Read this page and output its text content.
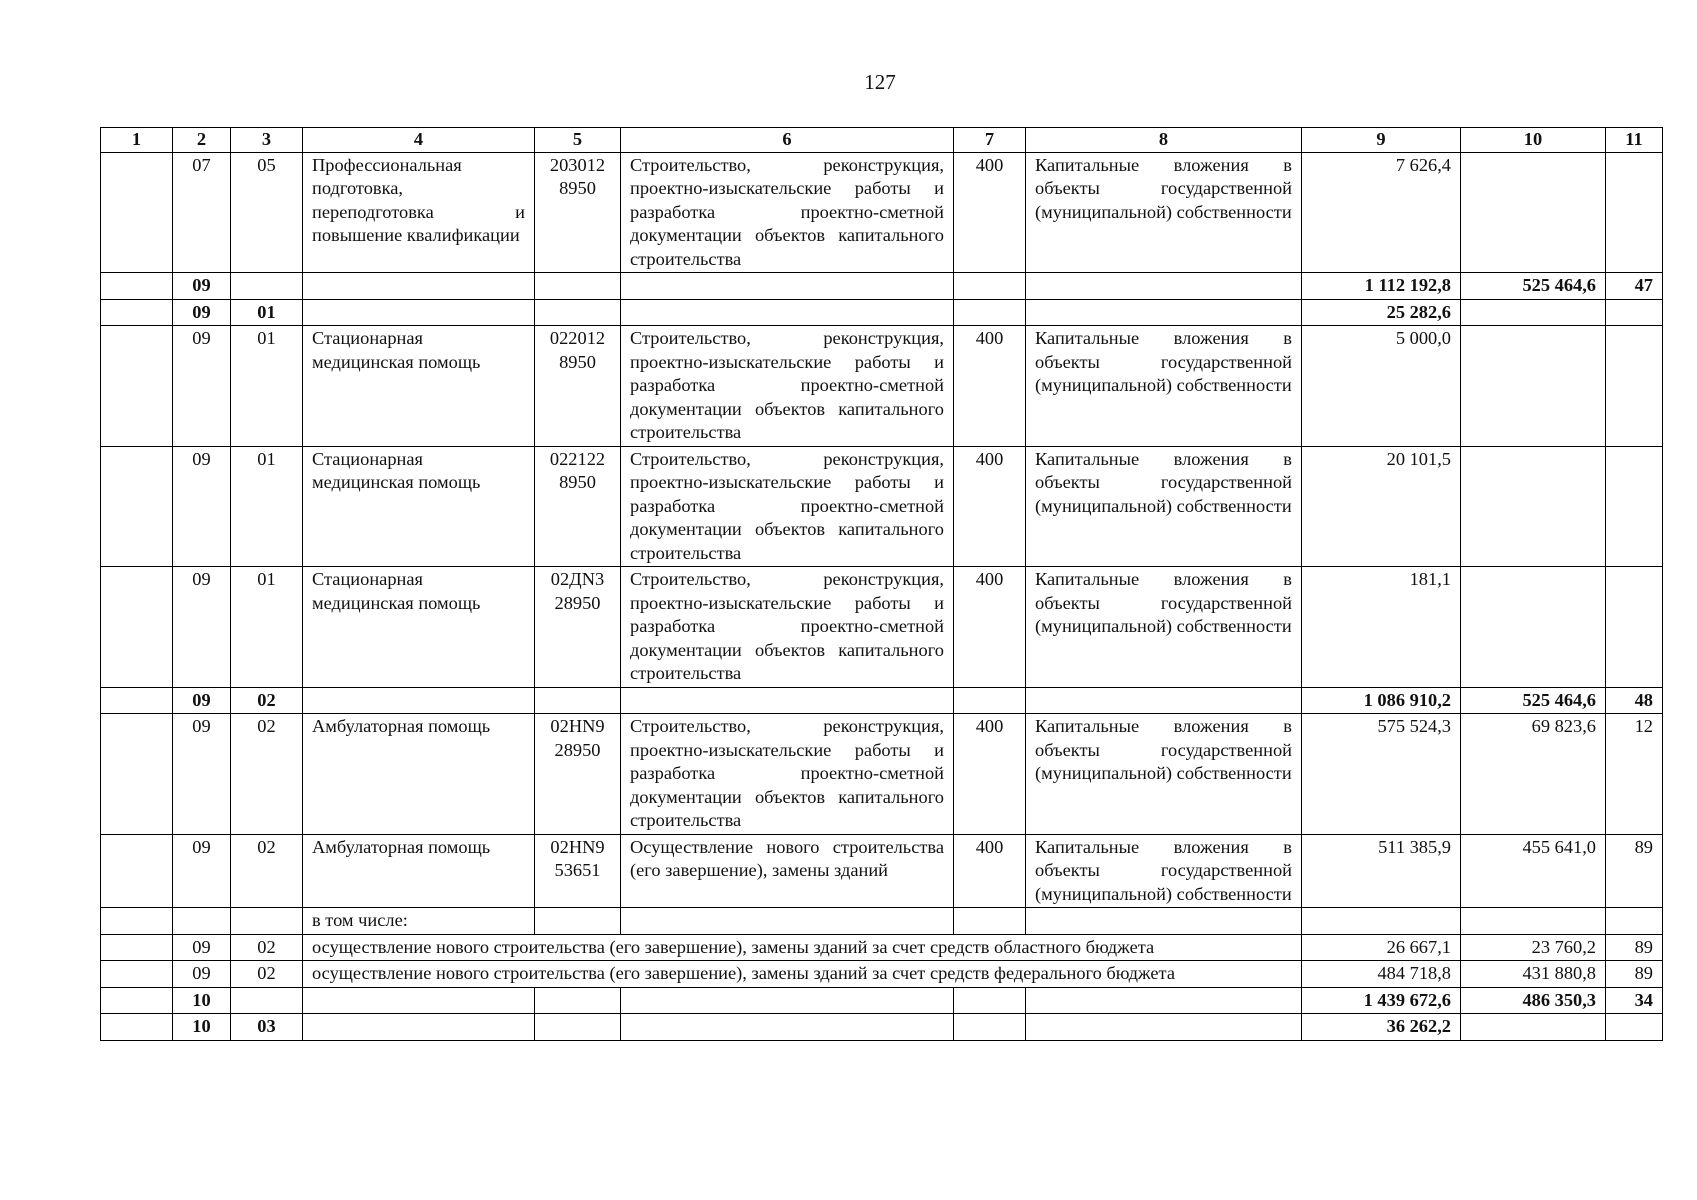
127
1	2	3	4	5	6	7	8	9	10	11
	07	05	Профессиональная подготовка, переподготовка и повышение квалификации	203012 8950	Строительство, реконструкция, проектно-изыскательские работы и разработка проектно-сметной документации объектов капитального строительства	400	Капитальные вложения в объекты государственной (муниципальной) собственности	7 626,4		
	09							1 112 192,8	525 464,6	47
	09	01						25 282,6		
	09	01	Стационарная медицинская помощь	022012 8950	Строительство, реконструкция, проектно-изыскательские работы и разработка проектно-сметной документации объектов капитального строительства	400	Капитальные вложения в объекты государственной (муниципальной) собственности	5 000,0		
	09	01	Стационарная медицинская помощь	022122 8950	Строительство, реконструкция, проектно-изыскательские работы и разработка проектно-сметной документации объектов капитального строительства	400	Капитальные вложения в объекты государственной (муниципальной) собственности	20 101,5		
	09	01	Стационарная медицинская помощь	02ДN3 28950	Строительство, реконструкция, проектно-изыскательские работы и разработка проектно-сметной документации объектов капитального строительства	400	Капитальные вложения в объекты государственной (муниципальной) собственности	181,1		
	09	02						1 086 910,2	525 464,6	48
	09	02	Амбулаторная помощь	02HN9 28950	Строительство, реконструкция, проектно-изыскательские работы и разработка проектно-сметной документации объектов капитального строительства	400	Капитальные вложения в объекты государственной (муниципальной) собственности	575 524,3	69 823,6	12
	09	02	Амбулаторная помощь	02HN9 53651	Осуществление нового строительства (его завершение), замены зданий	400	Капитальные вложения в объекты государственной (муниципальной) собственности	511 385,9	455 641,0	89
			в том числе:							
	09	02	осуществление нового строительства (его завершение), замены зданий за счет средств областного бюджета					26 667,1	23 760,2	89
	09	02	осуществление нового строительства (его завершение), замены зданий за счет средств федерального бюджета					484 718,8	431 880,8	89
	10							1 439 672,6	486 350,3	34
	10	03						36 262,2		
